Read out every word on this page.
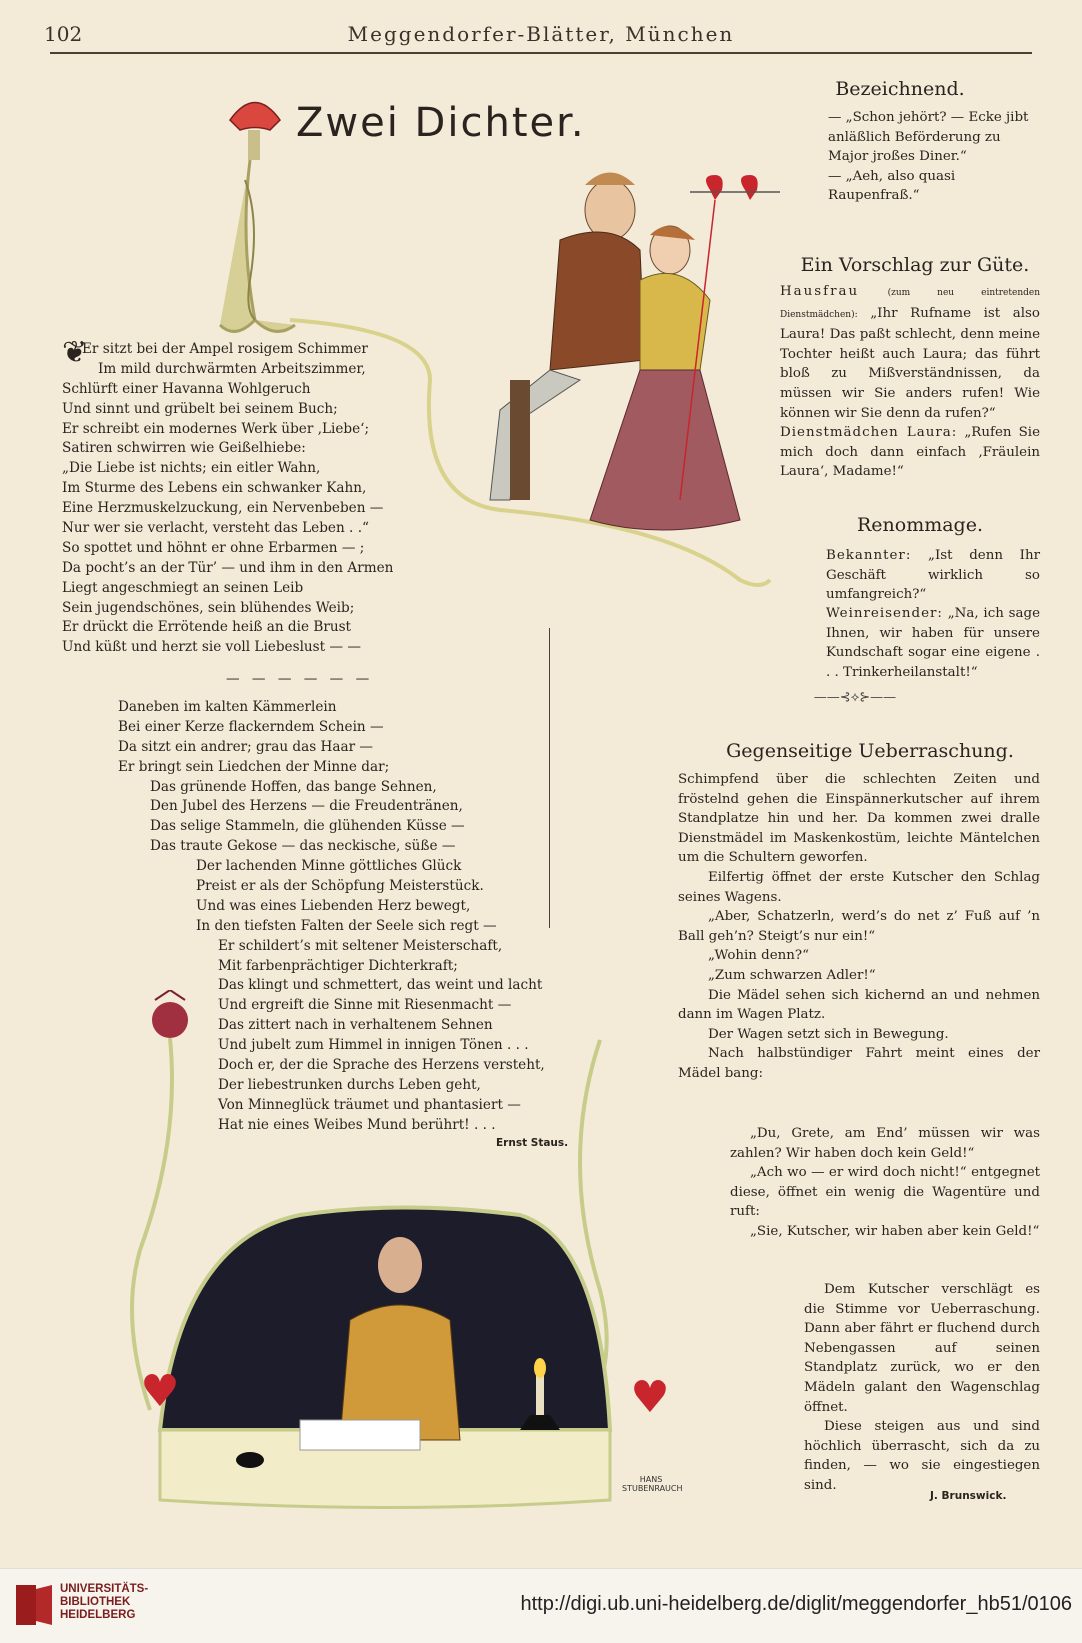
102	Meggendorfer-Blätter, München
Zwei Dichter.
Er sitzt bei der Ampel rosigem Schimmer
Im mild durchwärmten Arbeitszimmer,
Schlürft einer Havanna Wohlgeruch
Und sinnt und grübelt bei seinem Buch;
Er schreibt ein modernes Werk über ‚Liebe‘;
Satiren schwirren wie Geißelhiebe:
„Die Liebe ist nichts; ein eitler Wahn,
Im Sturme des Lebens ein schwanker Kahn,
Eine Herzmuskelzuckung, ein Nervenbeben —
Nur wer sie verlacht, versteht das Leben . .“
So spottet und höhnt er ohne Erbarmen — ;
Da pocht’s an der Tür’ — und ihm in den Armen
Liegt angeschmiegt an seinen Leib
Sein jugendschönes, sein blühendes Weib;
Er drückt die Errötende heiß an die Brust
Und küßt und herzt sie voll Liebeslust — —
❦
— — — — — —
Daneben im kalten Kämmerlein
Bei einer Kerze flackerndem Schein —
Da sitzt ein andrer; grau das Haar —
Er bringt sein Liedchen der Minne dar;
Das grünende Hoffen, das bange Sehnen,
Den Jubel des Herzens — die Freudentränen,
Das selige Stammeln, die glühenden Küsse —
Das traute Gekose — das neckische, süße —
Der lachenden Minne göttliches Glück
Preist er als der Schöpfung Meisterstück.
Und was eines Liebenden Herz bewegt,
In den tiefsten Falten der Seele sich regt —
Er schildert’s mit seltener Meisterschaft,
Mit farbenprächtiger Dichterkraft;
Das klingt und schmettert, das weint und lacht
Und ergreift die Sinne mit Riesenmacht —
Das zittert nach in verhaltenem Sehnen
Und jubelt zum Himmel in innigen Tönen . . .
Doch er, der die Sprache des Herzens versteht,
Der liebestrunken durchs Leben geht,
Von Minneglück träumet und phantasiert —
Hat nie eines Weibes Mund berührt! . . .
Ernst Staus.
♥	♥
HANS STUBENRAUCH
Bezeichnend.

— „Schon jehört? — Ecke jibt anläßlich Beförderung zu Major jroßes Diner.“

— „Aeh, also quasi Raupenfraß.“

Ein Vorschlag zur Güte.

Hausfrau	(zum neu eintretenden Dienstmädchen): „Ihr Rufname ist also Laura! Das paßt schlecht, denn meine Tochter heißt auch Laura; das führt bloß zu Mißverständnissen, da müssen wir Sie anders rufen! Wie können wir Sie denn da rufen?“

Dienstmädchen Laura: „Rufen Sie mich doch dann einfach ‚Fräulein Laura‘, Madame!“

Renommage.

Bekannter: „Ist denn Ihr Geschäft wirklich so umfangreich?“

Weinreisender: „Na, ich sage Ihnen, wir haben für unsere Kundschaft sogar eine eigene . . . Trinkerheilanstalt!“

——⊰⟡⊱——
Gegenseitige Ueberraschung.

Schimpfend über die schlechten Zeiten und fröstelnd gehen die Einspännerkutscher auf ihrem Standplatze hin und her. Da kommen zwei dralle Dienstmädel im Maskenkostüm, leichte Mäntelchen um die Schultern geworfen.

Eilfertig öffnet der erste Kutscher den Schlag seines Wagens.

„Aber, Schatzerln, werd’s do net z’ Fuß auf ’n Ball geh’n? Steigt’s nur ein!“

„Wohin denn?“

„Zum schwarzen Adler!“

Die Mädel sehen sich kichernd an und nehmen dann im Wagen Platz.

Der Wagen setzt sich in Bewegung.

Nach halbstündiger Fahrt meint eines der Mädel bang:

„Du, Grete, am End’ müssen wir was zahlen? Wir haben doch kein Geld!“

„Ach wo — er wird doch nicht!“ entgegnet diese, öffnet ein wenig die Wagentüre und ruft:

„Sie, Kutscher, wir haben aber kein Geld!“

Dem Kutscher verschlägt es die Stimme vor Ueberraschung. Dann aber fährt er fluchend durch Nebengassen auf seinen Standplatz zurück, wo er den Mädeln galant den Wagenschlag öffnet.

Diese steigen aus und sind höchlich überrascht, sich da zu finden, — wo sie eingestiegen sind.

J. Brunswick.
UNIVERSITÄTS-
BIBLIOTHEK
HEIDELBERG	http://digi.ub.uni-heidelberg.de/diglit/meggendorfer_hb51/0106
